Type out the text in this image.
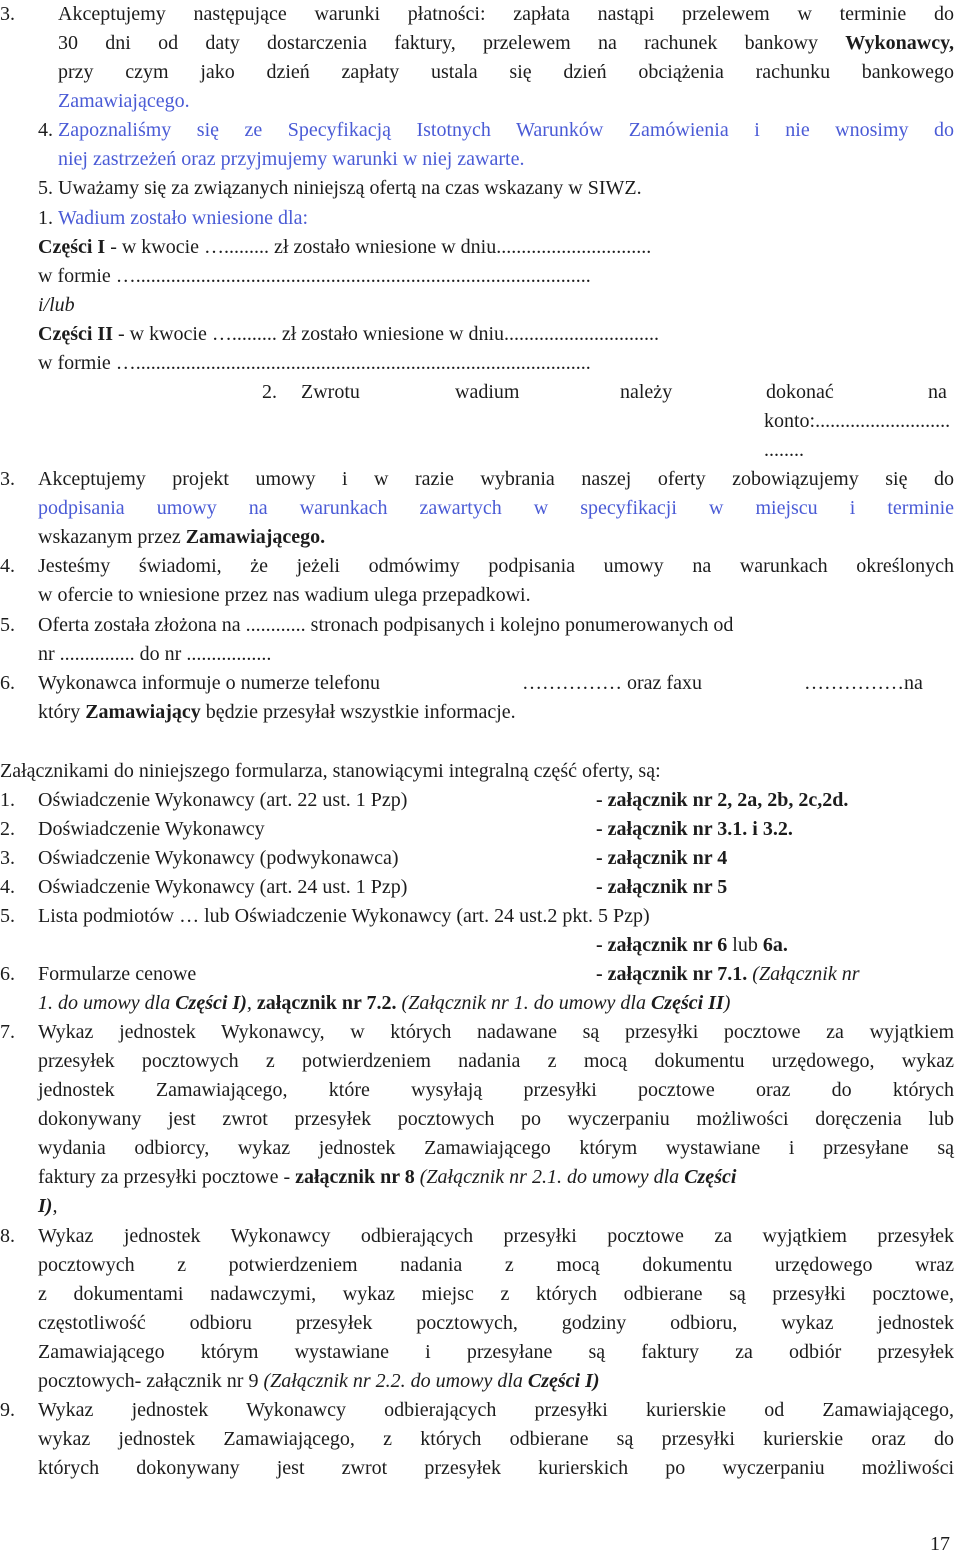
3. Akceptujemy następujące warunki płatności: zapłata nastąpi przelewem w terminie do
30 dni od daty dostarczenia faktury, przelewem na rachunek bankowy Wykonawcy,
przy czym jako dzień zapłaty ustala się dzień obciążenia rachunku bankowego
Zamawiającego.
4. Zapoznaliśmy się ze Specyfikacją Istotnych Warunków Zamówienia i nie wnosimy do
niej zastrzeżeń oraz przyjmujemy warunki w niej zawarte.
5. Uważamy się za związanych niniejszą ofertą na czas wskazany w SIWZ.
1. Wadium zostało wniesione dla:
Części I - w kwocie …......... zł zostało wniesione w dniu...............................
w formie …...........................................................................................
i/lub
Części II - w kwocie …......... zł zostało wniesione w dniu...............................
w formie …...........................................................................................
2. Zwrotu	wadium	należy	dokonać	na
konto:...........................
........
3. Akceptujemy projekt umowy i w razie wybrania naszej oferty zobowiązujemy się do
podpisania umowy na warunkach zawartych w specyfikacji w miejscu i terminie
wskazanym przez Zamawiającego.
4. Jesteśmy świadomi, że jeżeli odmówimy podpisania umowy na warunkach określonych
w ofercie to wniesione przez nas wadium ulega przepadkowi.
5. Oferta została złożona na ............ stronach podpisanych i kolejno ponumerowanych od
nr ............... do nr .................
6. Wykonawca informuje o numerze telefonu	…………… oraz faxu	……………na
który Zamawiający będzie przesyłał wszystkie informacje.
Załącznikami do niniejszego formularza, stanowiącymi integralną część oferty, są:
1. Oświadczenie Wykonawcy (art. 22 ust. 1 Pzp)	- załącznik nr 2, 2a, 2b, 2c,2d.
2. Doświadczenie Wykonawcy	- załącznik nr 3.1. i 3.2.
3. Oświadczenie Wykonawcy (podwykonawca)	- załącznik nr 4
4. Oświadczenie Wykonawcy (art. 24 ust. 1 Pzp)	- załącznik nr 5
5. Lista podmiotów … lub Oświadczenie Wykonawcy (art. 24 ust.2 pkt. 5 Pzp)
- załącznik nr 6 lub 6a.
6. Formularze cenowe	- załącznik nr 7.1. (Załącznik nr
1. do umowy dla Części I), załącznik nr 7.2. (Załącznik nr 1. do umowy dla Części II)
7. Wykaz jednostek Wykonawcy, w których nadawane są przesyłki pocztowe za wyjątkiem
przesyłek pocztowych z potwierdzeniem nadania z mocą dokumentu urzędowego, wykaz
jednostek Zamawiającego, które wysyłają przesyłki pocztowe oraz do których
dokonywany jest zwrot przesyłek pocztowych po wyczerpaniu możliwości doręczenia lub
wydania odbiorcy, wykaz jednostek Zamawiającego którym wystawiane i przesyłane są
faktury za przesyłki pocztowe - załącznik nr 8 (Załącznik nr 2.1. do umowy dla Części
I),
8. Wykaz jednostek Wykonawcy odbierających przesyłki pocztowe za wyjątkiem przesyłek
pocztowych z potwierdzeniem nadania z mocą dokumentu urzędowego wraz
z dokumentami nadawczymi, wykaz miejsc z których odbierane są przesyłki pocztowe,
częstotliwość odbioru przesyłek pocztowych, godziny odbioru, wykaz jednostek
Zamawiającego którym wystawiane i przesyłane są faktury za odbiór przesyłek
pocztowych- załącznik nr 9 (Załącznik nr 2.2. do umowy dla Części I)
9. Wykaz jednostek Wykonawcy odbierających przesyłki kurierskie od Zamawiającego,
wykaz jednostek Zamawiającego, z których odbierane są przesyłki kurierskie oraz do
których dokonywany jest zwrot przesyłek kurierskich po wyczerpaniu możliwości
17
